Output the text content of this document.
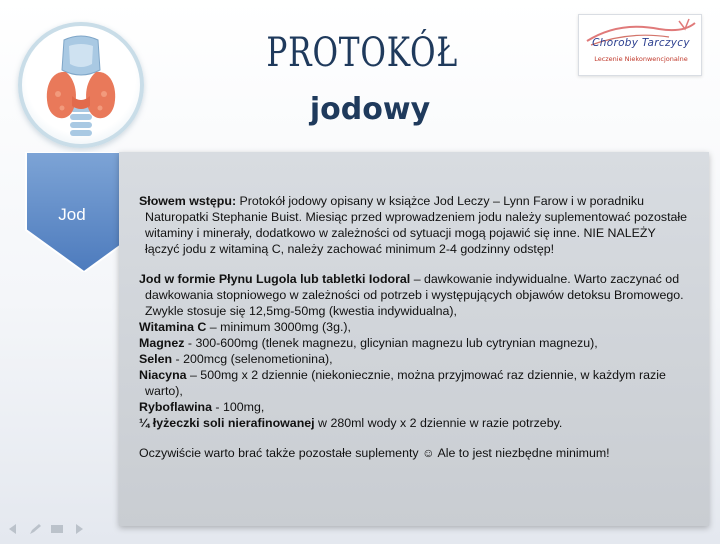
PROTOKÓŁ
jodowy
Choroby Tarczycy
Leczenie Niekonwencjonalne
Jod

Słowem wstępu: Protokół jodowy opisany w książce Jod Leczy – Lynn Farow i w poradniku Naturopatki Stephanie Buist. Miesiąc przed wprowadzeniem jodu należy suplementować pozostałe witaminy i minerały, dodatkowo w zależności od sytuacji mogą pojawić się inne. NIE NALEŻY łączyć jodu z witaminą C, należy zachować minimum 2-4 godzinny odstęp!

Jod w formie Płynu Lugola lub tabletki Iodoral – dawkowanie indywidualne. Warto zaczynać od dawkowania stopniowego w zależności od potrzeb i występujących objawów detoksu Bromowego. Zwykle stosuje się 12,5mg-50mg (kwestia indywidualna),

Witamina C – minimum 3000mg (3g.),

Magnez - 300-600mg (tlenek magnezu, glicynian magnezu lub cytrynian magnezu),

Selen - 200mcg (selenometionina),

Niacyna – 500mg x 2 dziennie (niekoniecznie, można przyjmować raz dziennie, w każdym razie warto),

Ryboflawina - 100mg,

¼ łyżeczki soli nierafinowanej w 280ml wody x 2 dziennie w razie potrzeby.

Oczywiście warto brać także pozostałe suplementy ☺ Ale to jest niezbędne minimum!
